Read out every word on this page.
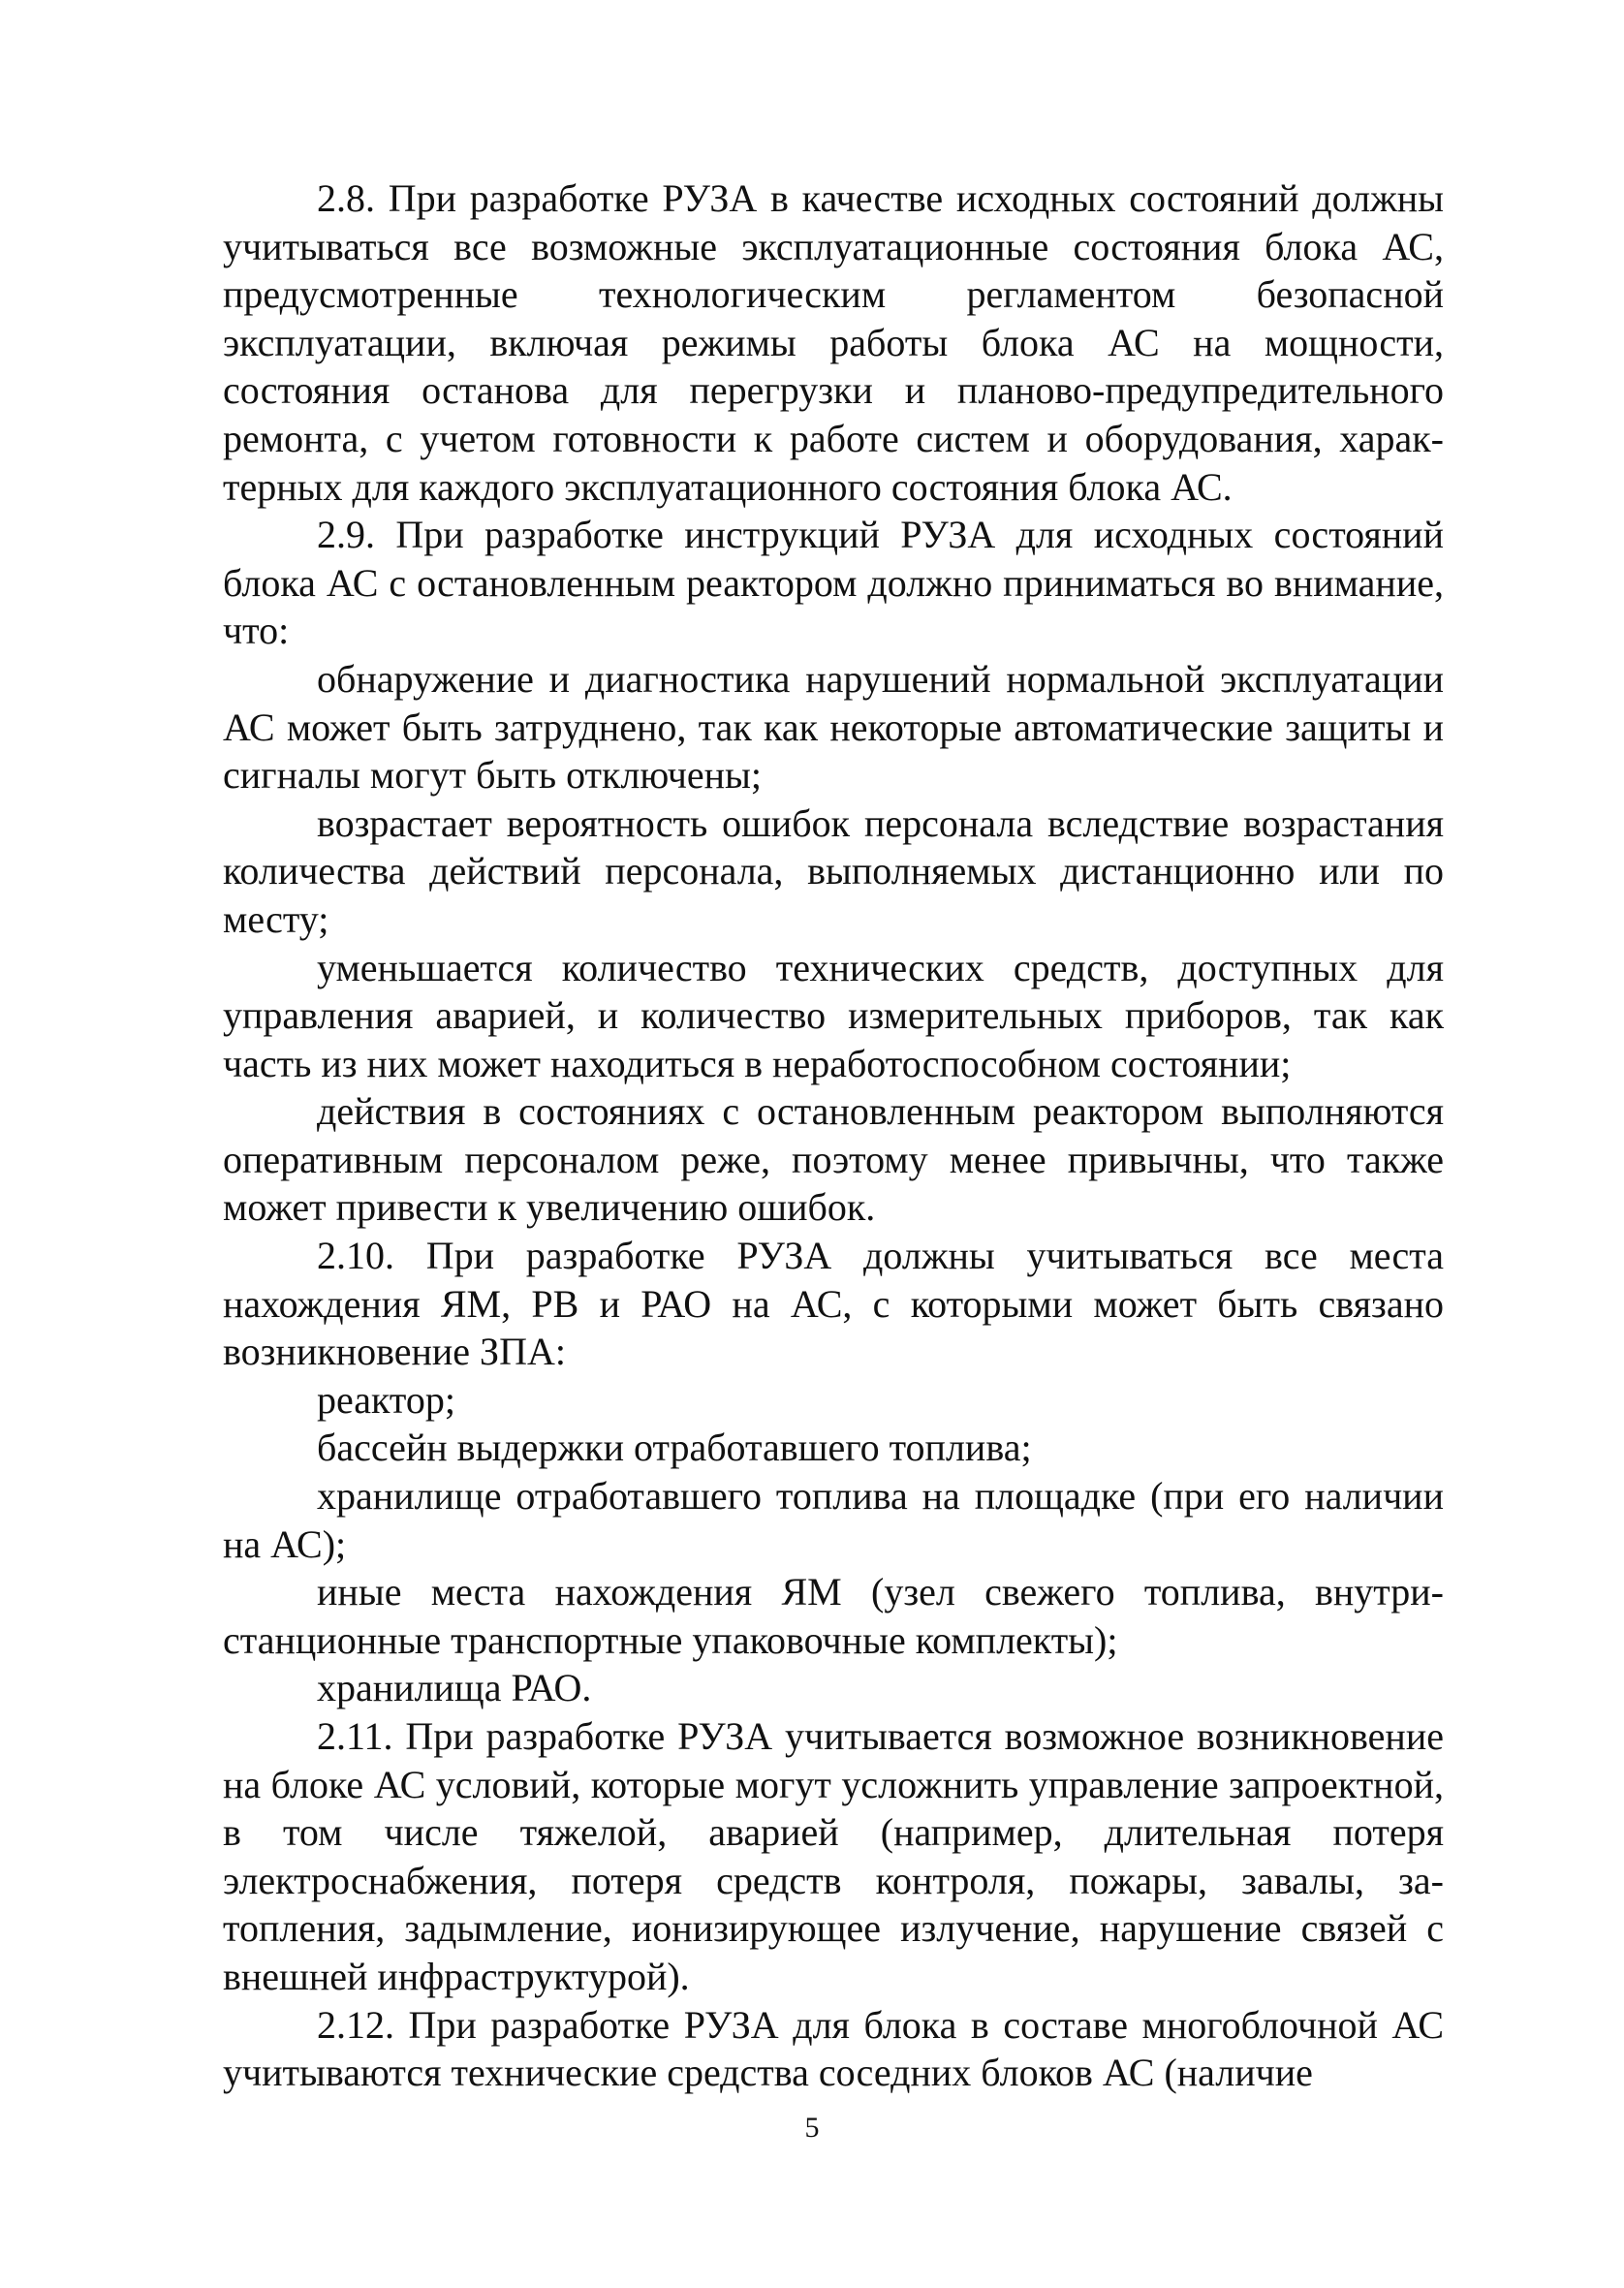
2.8. При разработке РУЗА в качестве исходных состояний должны учитываться все возможные эксплуатационные состояния блока АС, предусмотренные технологическим регламентом безопасной эксплуатации, включая режимы работы блока АС на мощности, состояния останова для перегрузки и планово-предупредительного ремонта, с учетом готовности к работе систем и оборудования, характерных для каждого эксплуатационного состояния блока АС.

2.9. При разработке инструкций РУЗА для исходных состояний блока АС с остановленным реактором должно приниматься во внимание, что:

обнаружение и диагностика нарушений нормальной эксплуатации АС может быть затруднено, так как некоторые автоматические защиты и сигналы могут быть отключены;

возрастает вероятность ошибок персонала вследствие возрастания количества действий персонала, выполняемых дистанционно или по месту;

уменьшается количество технических средств, доступных для управления аварией, и количество измерительных приборов, так как часть из них может находиться в неработоспособном состоянии;

действия в состояниях с остановленным реактором выполняются оперативным персоналом реже, поэтому менее привычны, что также может привести к увеличению ошибок.

2.10. При разработке РУЗА должны учитываться все места нахождения ЯМ, РВ и РАО на АС, с которыми может быть связано возникновение ЗПА:

реактор;

бассейн выдержки отработавшего топлива;

хранилище отработавшего топлива на площадке (при его наличии на АС);

иные места нахождения ЯМ (узел свежего топлива, внутристанционные транспортные упаковочные комплекты);

хранилища РАО.

2.11. При разработке РУЗА учитывается возможное возникновение на блоке АС условий, которые могут усложнить управление запроектной, в том числе тяжелой, аварией (например, длительная потеря электроснабжения, потеря средств контроля, пожары, завалы, затопления, задымление, ионизирующее излучение, нарушение связей с внешней инфраструктурой).

2.12. При разработке РУЗА для блока в составе многоблочной АС учитываются технические средства соседних блоков АС (наличие

5
